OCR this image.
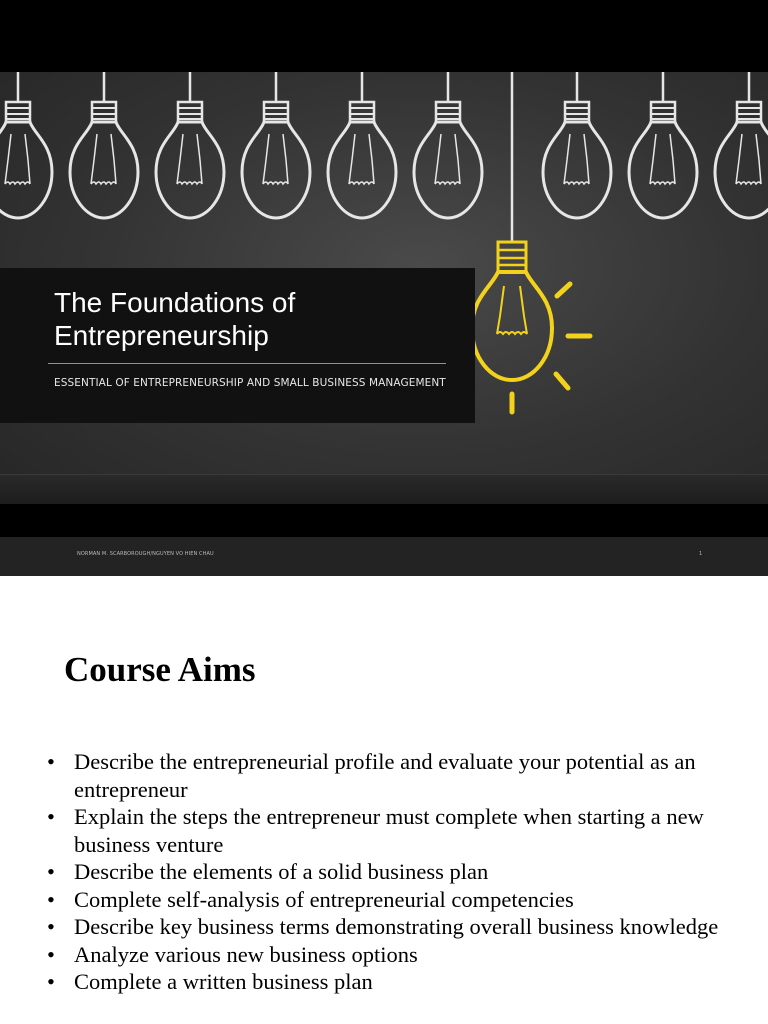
The Foundations of
Entrepreneurship
ESSENTIAL OF ENTREPRENEURSHIP AND SMALL BUSINESS MANAGEMENT
NORMAN M. SCARBOROUGH/NGUYEN VO HIEN CHAU	1
Course Aims
• Describe the entrepreneurial profile and evaluate your potential as an entrepreneur
• Explain the steps the entrepreneur must complete when starting a new business venture
• Describe the elements of a solid business plan
• Complete self-analysis of entrepreneurial competencies
• Describe key business terms demonstrating overall business knowledge
• Analyze various new business options
• Complete a written business plan
